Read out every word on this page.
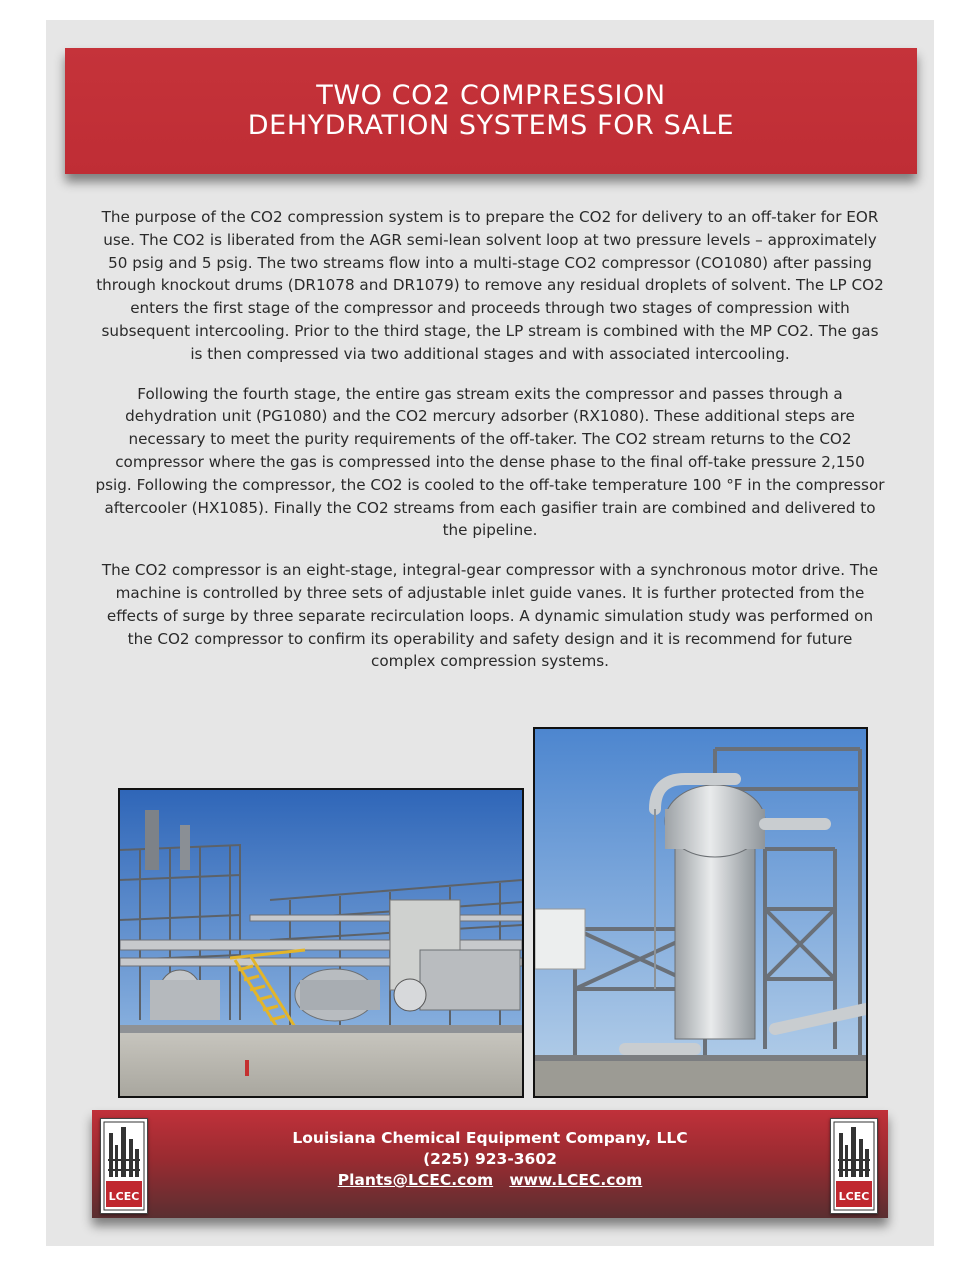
TWO CO2 COMPRESSION
DEHYDRATION SYSTEMS FOR SALE

The purpose of the CO2 compression system is to prepare the CO2 for delivery to an off-taker for EOR use. The CO2 is liberated from the AGR semi-lean solvent loop at two pressure levels – approximately 50 psig and 5 psig. The two streams flow into a multi-stage CO2 compressor (CO1080) after passing through knockout drums (DR1078 and DR1079) to remove any residual droplets of solvent. The LP CO2 enters the first stage of the compressor and proceeds through two stages of compression with subsequent intercooling. Prior to the third stage, the LP stream is combined with the MP CO2. The gas is then compressed via two additional stages and with associated intercooling.

Following the fourth stage, the entire gas stream exits the compressor and passes through a dehydration unit (PG1080) and the CO2 mercury adsorber (RX1080). These additional steps are necessary to meet the purity requirements of the off-taker. The CO2 stream returns to the CO2 compressor where the gas is compressed into the dense phase to the final off-take pressure 2,150 psig. Following the compressor, the CO2 is cooled to the off-take temperature 100 °F in the compressor aftercooler (HX1085). Finally the CO2 streams from each gasifier train are combined and delivered to the pipeline.

The CO2 compressor is an eight-stage, integral-gear compressor with a synchronous motor drive. The machine is controlled by three sets of adjustable inlet guide vanes. It is further protected from the effects of surge by three separate recirculation loops. A dynamic simulation study was performed on the CO2 compressor to confirm its operability and safety design and it is recommend for future complex compression systems.

Louisiana Chemical Equipment Company, LLC
(225) 923-3602
Plants@LCEC.com www.LCEC.com
LCEC	LCEC
